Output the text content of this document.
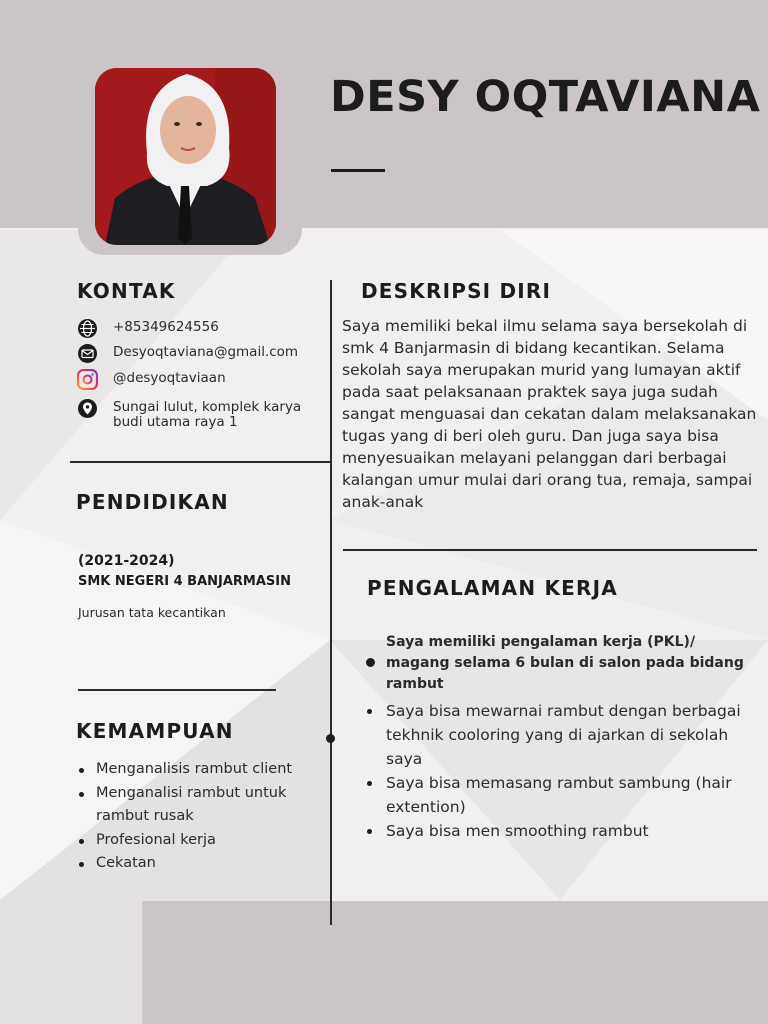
DESY OQTAVIANA
KONTAK
+85349624556
Desyoqtaviana@gmail.com
@desyoqtaviaan
Sungai lulut, komplek karya budi utama raya 1
PENDIDIKAN
(2021-2024)
SMK NEGERI 4 BANJARMASIN
Jurusan tata kecantikan
KEMAMPUAN
Menganalisis rambut client
Menganalisi rambut untuk rambut rusak
Profesional kerja
Cekatan
DESKRIPSI DIRI

Saya memiliki bekal ilmu selama saya bersekolah di smk 4 Banjarmasin di bidang kecantikan. Selama sekolah saya merupakan murid yang lumayan aktif pada saat pelaksanaan praktek saya juga sudah sangat menguasai dan cekatan dalam melaksanakan tugas yang di beri oleh guru. Dan juga saya bisa menyesuaikan melayani pelanggan dari berbagai kalangan umur mulai dari orang tua, remaja, sampai anak-anak

PENGALAMAN KERJA
Saya memiliki pengalaman kerja (PKL)/ magang selama 6 bulan di salon pada bidang rambut
Saya bisa mewarnai rambut dengan berbagai tekhnik cooloring yang di ajarkan di sekolah saya
Saya bisa memasang rambut sambung (hair extention)
Saya bisa men smoothing rambut
